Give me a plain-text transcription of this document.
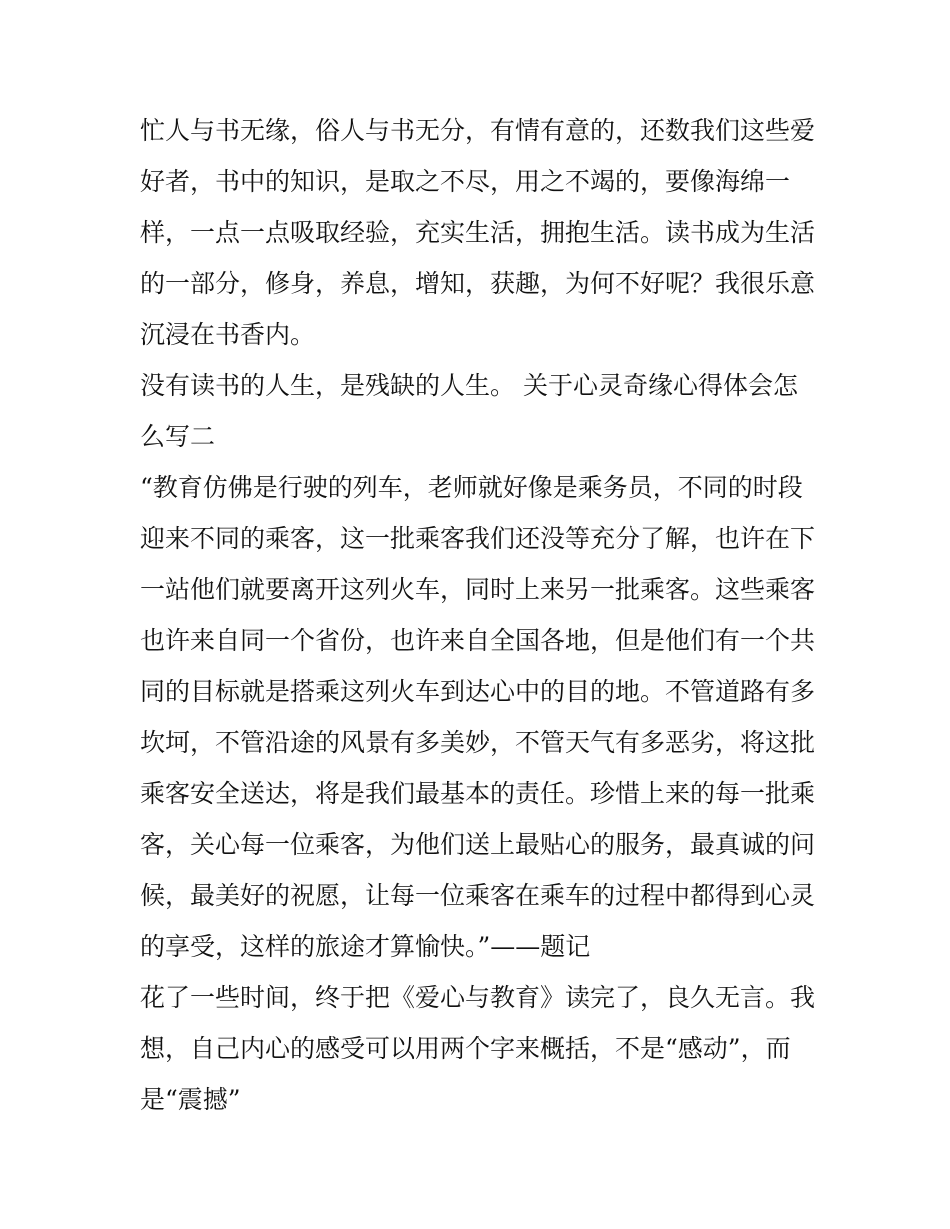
忙人与书无缘，俗人与书无分，有情有意的，还数我们这些爱
好者，书中的知识，是取之不尽，用之不竭的，要像海绵一
样，一点一点吸取经验，充实生活，拥抱生活。读书成为生活
的一部分，修身，养息，增知，获趣，为何不好呢？我很乐意
沉浸在书香内。
没有读书的人生，是残缺的人生。 关于心灵奇缘心得体会怎
么写二
“教育仿佛是行驶的列车，老师就好像是乘务员，不同的时段
迎来不同的乘客，这一批乘客我们还没等充分了解，也许在下
一站他们就要离开这列火车，同时上来另一批乘客。这些乘客
也许来自同一个省份，也许来自全国各地，但是他们有一个共
同的目标就是搭乘这列火车到达心中的目的地。不管道路有多
坎坷，不管沿途的风景有多美妙，不管天气有多恶劣，将这批
乘客安全送达，将是我们最基本的责任。珍惜上来的每一批乘
客，关心每一位乘客，为他们送上最贴心的服务，最真诚的问
候，最美好的祝愿，让每一位乘客在乘车的过程中都得到心灵
的享受，这样的旅途才算愉快。”——题记
花了一些时间，终于把《爱心与教育》读完了，良久无言。我
想，自己内心的感受可以用两个字来概括，不是“感动”，而
是“震撼”
